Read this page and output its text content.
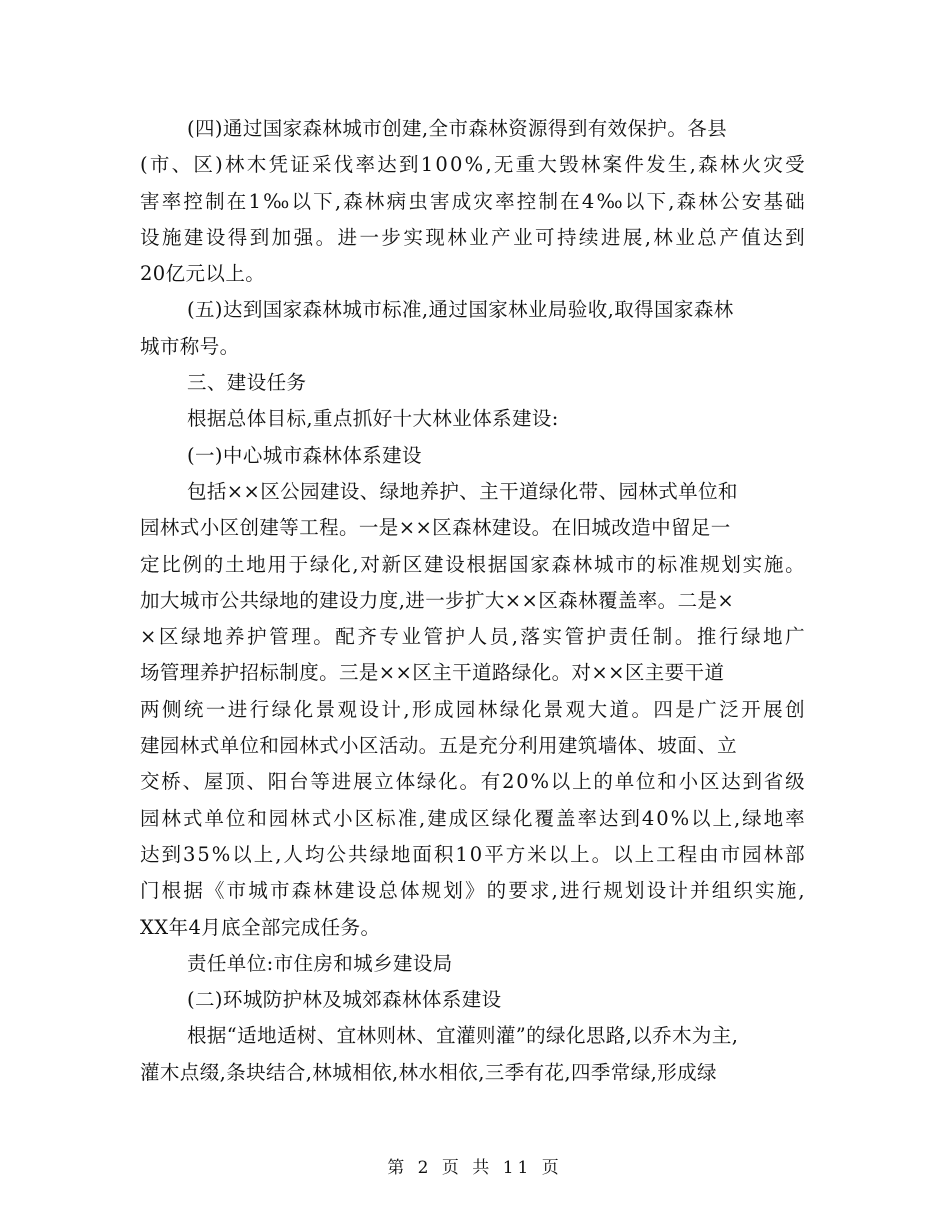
(四)通过国家森林城市创建,全市森林资源得到有效保护。各县
(市、区)林木凭证采伐率达到100%,无重大毁林案件发生,森林火灾受
害率控制在1‰以下,森林病虫害成灾率控制在4‰以下,森林公安基础
设施建设得到加强。进一步实现林业产业可持续进展,林业总产值达到
20亿元以上。
(五)达到国家森林城市标准,通过国家林业局验收,取得国家森林
城市称号。
三、建设任务
根据总体目标,重点抓好十大林业体系建设:
(一)中心城市森林体系建设
包括××区公园建设、绿地养护、主干道绿化带、园林式单位和
园林式小区创建等工程。一是××区森林建设。在旧城改造中留足一
定比例的土地用于绿化,对新区建设根据国家森林城市的标准规划实施。
加大城市公共绿地的建设力度,进一步扩大××区森林覆盖率。二是×
×区绿地养护管理。配齐专业管护人员,落实管护责任制。推行绿地广
场管理养护招标制度。三是××区主干道路绿化。对××区主要干道
两侧统一进行绿化景观设计,形成园林绿化景观大道。四是广泛开展创
建园林式单位和园林式小区活动。五是充分利用建筑墙体、坡面、立
交桥、屋顶、阳台等进展立体绿化。有20%以上的单位和小区达到省级
园林式单位和园林式小区标准,建成区绿化覆盖率达到40%以上,绿地率
达到35%以上,人均公共绿地面积10平方米以上。以上工程由市园林部
门根据《市城市森林建设总体规划》的要求,进行规划设计并组织实施,
XX年4月底全部完成任务。
责任单位:市住房和城乡建设局
(二)环城防护林及城郊森林体系建设
根据“适地适树、宜林则林、宜灌则灌”的绿化思路,以乔木为主,
灌木点缀,条块结合,林城相依,林水相依,三季有花,四季常绿,形成绿
第 2 页 共 11 页
